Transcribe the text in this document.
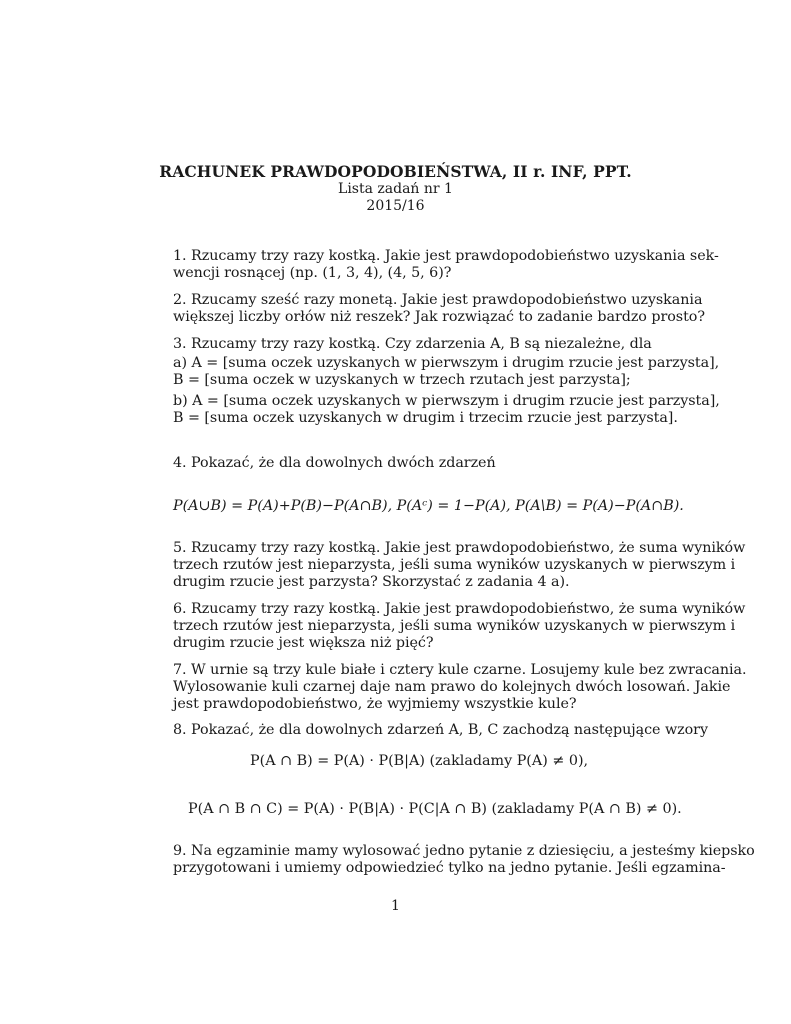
RACHUNEK PRAWDOPODOBIEŃSTWA, II r. INF, PPT.
Lista zadań nr 1
2015/16
1. Rzucamy trzy razy kostką. Jakie jest prawdopodobieństwo uzyskania sek-
wencji rosnącej (np. (1, 3, 4), (4, 5, 6)?
2. Rzucamy sześć razy monetą. Jakie jest prawdopodobieństwo uzyskania
większej liczby orłów niż reszek? Jak rozwiązać to zadanie bardzo prosto?
3. Rzucamy trzy razy kostką. Czy zdarzenia A, B są niezależne, dla
a) A = [suma oczek uzyskanych w pierwszym i drugim rzucie jest parzysta],
B = [suma oczek w uzyskanych w trzech rzutach jest parzysta];
b) A = [suma oczek uzyskanych w pierwszym i drugim rzucie jest parzysta],
B = [suma oczek uzyskanych w drugim i trzecim rzucie jest parzysta].
4. Pokazać, że dla dowolnych dwóch zdarzeń
P(A∪B) = P(A)+P(B)−P(A∩B), P(Aᶜ) = 1−P(A), P(A\B) = P(A)−P(A∩B).
5. Rzucamy trzy razy kostką. Jakie jest prawdopodobieństwo, że suma wyników
trzech rzutów jest nieparzysta, jeśli suma wyników uzyskanych w pierwszym i
drugim rzucie jest parzysta? Skorzystać z zadania 4 a).
6. Rzucamy trzy razy kostką. Jakie jest prawdopodobieństwo, że suma wyników
trzech rzutów jest nieparzysta, jeśli suma wyników uzyskanych w pierwszym i
drugim rzucie jest większa niż pięć?
7. W urnie są trzy kule białe i cztery kule czarne. Losujemy kule bez zwracania.
Wylosowanie kuli czarnej daje nam prawo do kolejnych dwóch losowań. Jakie
jest prawdopodobieństwo, że wyjmiemy wszystkie kule?
8. Pokazać, że dla dowolnych zdarzeń A, B, C zachodzą następujące wzory
P(A ∩ B) = P(A) · P(B|A) (zakladamy P(A) ≠ 0),
P(A ∩ B ∩ C) = P(A) · P(B|A) · P(C|A ∩ B) (zakladamy P(A ∩ B) ≠ 0).
9. Na egzaminie mamy wylosować jedno pytanie z dziesięciu, a jesteśmy kiepsko
przygotowani i umiemy odpowiedzieć tylko na jedno pytanie. Jeśli egzamina-
1
